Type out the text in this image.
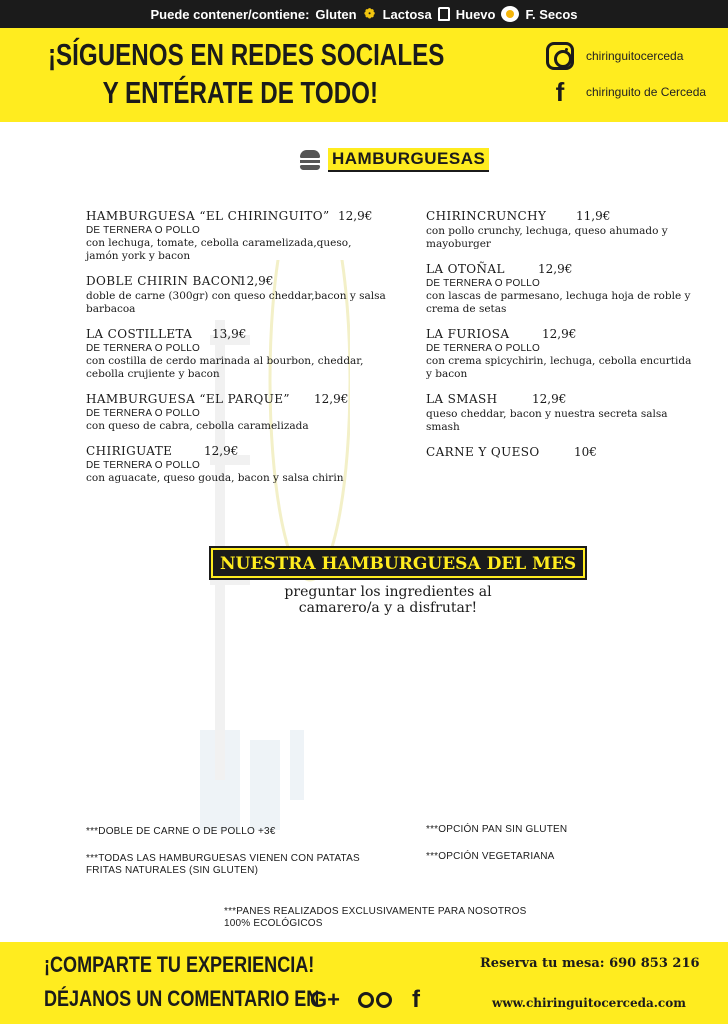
Puede contener/contiene: Gluten ❁ Lactosa Huevo F. Secos
¡SÍGUENOS EN REDES SOCIALES
Y ENTÉRATE DE TODO!
chiringuitocerceda
f	chiringuito de Cerceda
HAMBURGUESAS
HAMBURGUESA “EL CHIRINGUITO” 12,9€
DE TERNERA O POLLO
con lechuga, tomate, cebolla caramelizada,queso, jamón york y bacon
DOBLE CHIRIN BACON
12,9€
doble de carne (300gr) con queso cheddar,bacon y salsa barbacoa
LA COSTILLETA	13,9€
DE TERNERA O POLLO
con costilla de cerdo marinada al bourbon, cheddar, cebolla crujiente y bacon
HAMBURGUESA “EL PARQUE”	12,9€
DE TERNERA O POLLO
con queso de cabra, cebolla caramelizada
CHIRIGUATE	12,9€
DE TERNERA O POLLO
con aguacate, queso gouda, bacon y salsa chirin
CHIRINCRUNCHY	11,9€
con pollo crunchy, lechuga, queso ahumado y mayoburger
LA OTOÑAL	12,9€
DE TERNERA O POLLO
con lascas de parmesano, lechuga hoja de roble y crema de setas
LA FURIOSA	12,9€
DE TERNERA O POLLO
con crema spicychirin, lechuga, cebolla encurtida y bacon
LA SMASH	12,9€
queso cheddar, bacon y nuestra secreta salsa smash
CARNE Y QUESO	10€
NUESTRA HAMBURGUESA DEL MES
preguntar los ingredientes al camarero/a y a disfrutar!
***DOBLE DE CARNE O DE POLLO +3€
***TODAS LAS HAMBURGUESAS VIENEN CON PATATAS FRITAS NATURALES (SIN GLUTEN)
***OPCIÓN PAN SIN GLUTEN
***OPCIÓN VEGETARIANA
***PANES REALIZADOS EXCLUSIVAMENTE PARA NOSOTROS 100% ECOLÓGICOS
¡COMPARTE TU EXPERIENCIA!
DÉJANOS UN COMENTARIO EN
G+	f
Reserva tu mesa: 690 853 216
www.chiringuitocerceda.com
